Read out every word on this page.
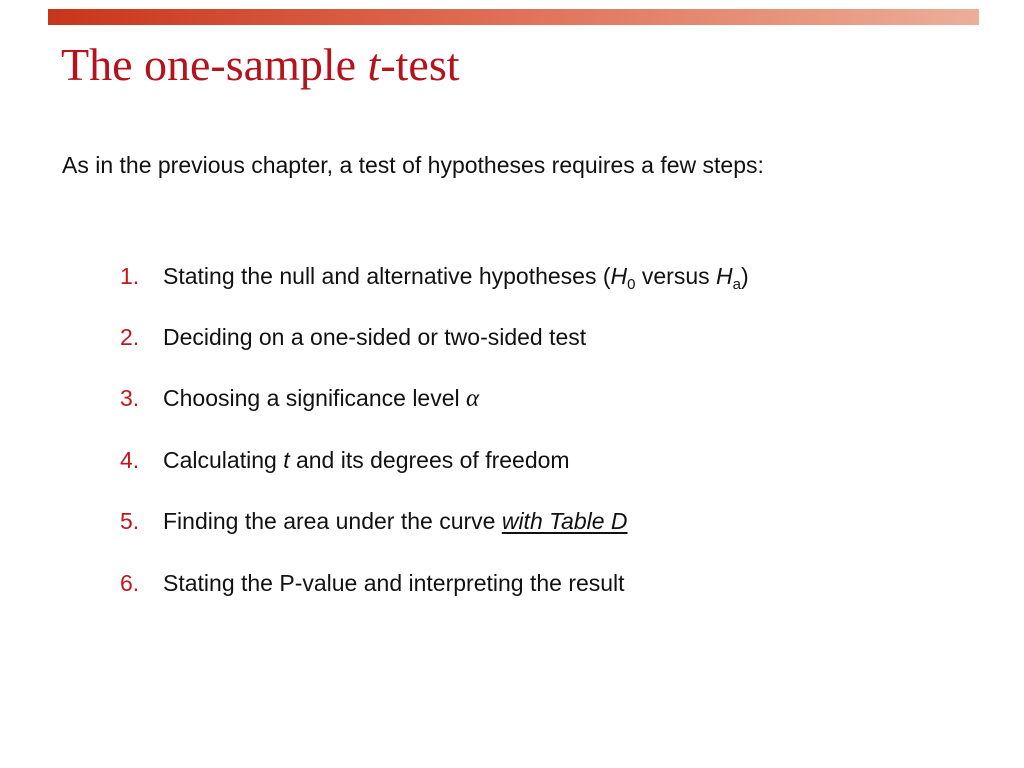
The one-sample t-test

As in the previous chapter, a test of hypotheses requires a few steps:

1.	Stating the null and alternative hypotheses ($H_0$ versus $H_a$)
2.	Deciding on a one-sided or two-sided test
3.	Choosing a significance level α
4.	Calculating t and its degrees of freedom
5.	Finding the area under the curve with Table D
6.	Stating the P-value and interpreting the result
